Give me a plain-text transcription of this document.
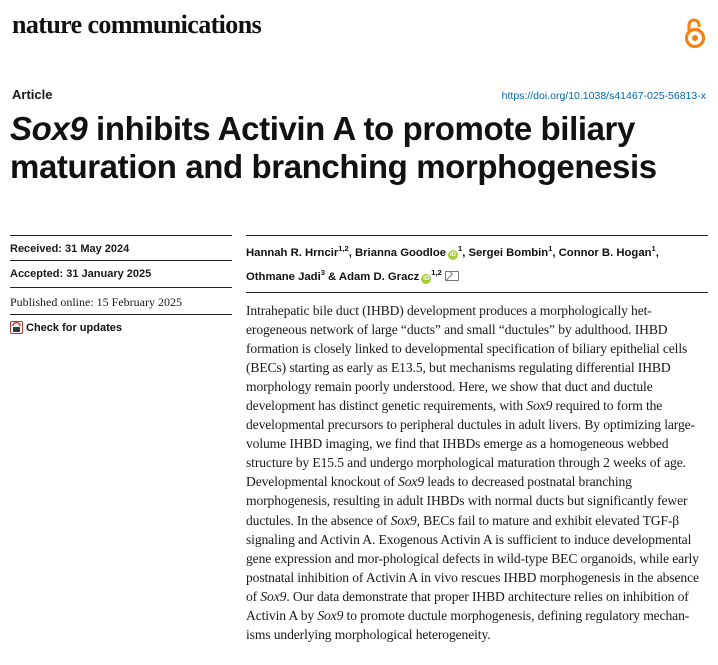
nature communications
Article	https://doi.org/10.1038/s41467-025-56813-x
Sox9 inhibits Activin A to promote biliary
maturation and branching morphogenesis
Received: 31 May 2024
Accepted: 31 January 2025
Published online: 15 February 2025
Check for updates
Hannah R. Hrncir$^{1,2}$, Brianna Goodloe $iD^1$, Sergei Bombin$^1$, Connor B. Hogan$^1$,
Othmane Jadi$^3$ & Adam D. Gracz iD$^{1,2}$

Intrahepatic bile duct (IHBD) development produces a morphologically het-erogeneous network of large “ducts” and small “ductules” by adulthood. IHBD formation is closely linked to developmental specification of biliary epithelial cells (BECs) starting as early as E13.5, but mechanisms regulating differential IHBD morphology remain poorly understood. Here, we show that duct and ductule development has distinct genetic requirements, with Sox9 required to form the developmental precursors to peripheral ductules in adult livers. By optimizing large-volume IHBD imaging, we find that IHBDs emerge as a homogeneous webbed structure by E15.5 and undergo morphological maturation through 2 weeks of age. Developmental knockout of Sox9 leads to decreased postnatal branching morphogenesis, resulting in adult IHBDs with normal ducts but significantly fewer ductules. In the absence of Sox9, BECs fail to mature and exhibit elevated TGF-β signaling and Activin A. Exogenous Activin A is sufficient to induce developmental gene expression and mor-phological defects in wild-type BEC organoids, while early postnatal inhibition of Activin A in vivo rescues IHBD morphogenesis in the absence of Sox9. Our data demonstrate that proper IHBD architecture relies on inhibition of Activin A by Sox9 to promote ductule morphogenesis, defining regulatory mechan-isms underlying morphological heterogeneity.
